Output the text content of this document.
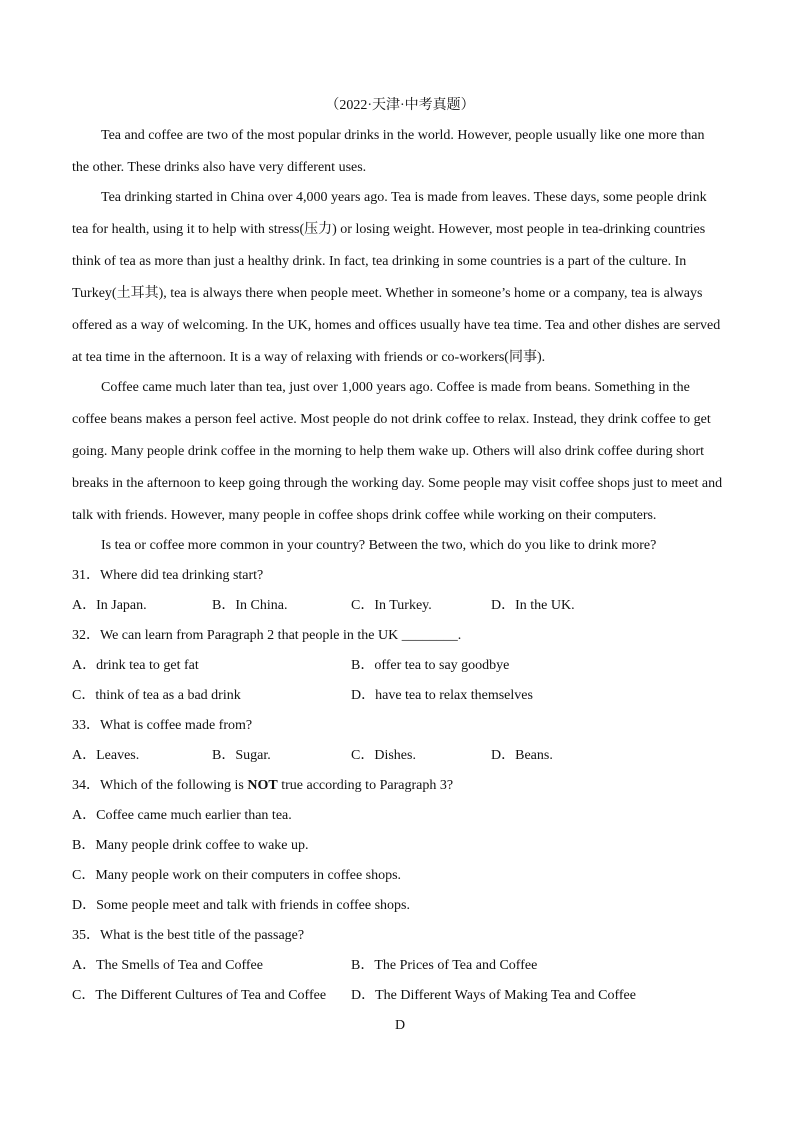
（2022·天津·中考真题）
Tea and coffee are two of the most popular drinks in the world. However, people usually like one more than
the other. These drinks also have very different uses.
Tea drinking started in China over 4,000 years ago. Tea is made from leaves. These days, some people drink
tea for health, using it to help with stress(压力) or losing weight. However, most people in tea-drinking countries
think of tea as more than just a healthy drink. In fact, tea drinking in some countries is a part of the culture. In
Turkey(土耳其), tea is always there when people meet. Whether in someone’s home or a company, tea is always
offered as a way of welcoming. In the UK, homes and offices usually have tea time. Tea and other dishes are served
at tea time in the afternoon. It is a way of relaxing with friends or co-workers(同事).
Coffee came much later than tea, just over 1,000 years ago. Coffee is made from beans. Something in the
coffee beans makes a person feel active. Most people do not drink coffee to relax. Instead, they drink coffee to get
going. Many people drink coffee in the morning to help them wake up. Others will also drink coffee during short
breaks in the afternoon to keep going through the working day. Some people may visit coffee shops just to meet and
talk with friends. However, many people in coffee shops drink coffee while working on their computers.
Is tea or coffee more common in your country? Between the two, which do you like to drink more?
31．Where did tea drinking start?
A．In Japan.	B．In China.	C．In Turkey.	D．In the UK.
32．We can learn from Paragraph 2 that people in the UK ________.
A．drink tea to get fat	B．offer tea to say goodbye
C．think of tea as a bad drink	D．have tea to relax themselves
33．What is coffee made from?
A．Leaves.	B．Sugar.	C．Dishes.	D．Beans.
34．Which of the following is NOT true according to Paragraph 3?
A．Coffee came much earlier than tea.
B．Many people drink coffee to wake up.
C．Many people work on their computers in coffee shops.
D．Some people meet and talk with friends in coffee shops.
35．What is the best title of the passage?
A．The Smells of Tea and Coffee	B．The Prices of Tea and Coffee
C．The Different Cultures of Tea and Coffee D．The Different Ways of Making Tea and Coffee
D
